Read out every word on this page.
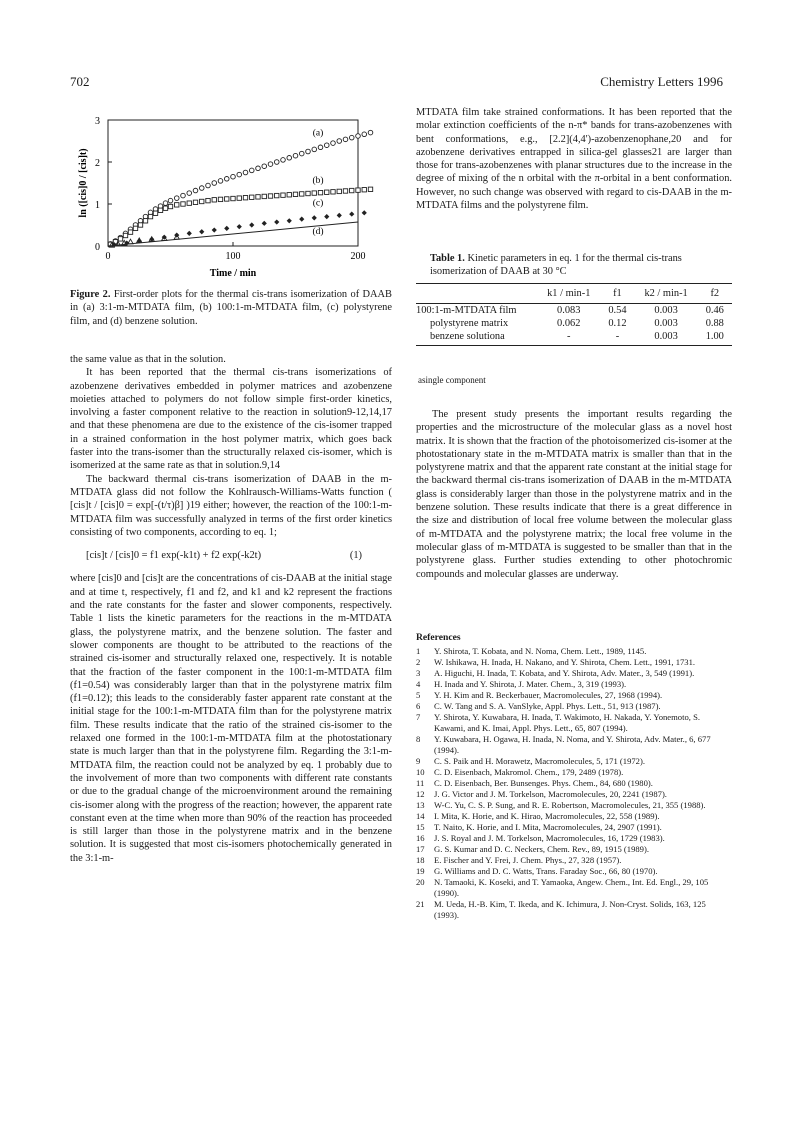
702	Chemistry Letters 1996
0
1
2
3
0	100	200
Time / min
ln ([cis]0 / [cis]t)
(a)
(b)
(c)
(d)
Figure 2. First-order plots for the thermal cis-trans isomerization of DAAB in (a) 3:1-m-MTDATA film, (b) 100:1-m-MTDATA film, (c) polystyrene film, and (d) benzene solution.

the same value as that in the solution.

It has been reported that the thermal cis-trans isomerizations of azobenzene derivatives embedded in polymer matrices and azobenzene moieties attached to polymers do not follow simple first-order kinetics, involving a faster component relative to the reaction in solution9-12,14,17 and that these phenomena are due to the existence of the cis-isomer trapped in a strained conformation in the host polymer matrix, which goes back faster into the trans-isomer than the structurally relaxed cis-isomer, which is isomerized at the same rate as that in solution.9,14

The backward thermal cis-trans isomerization of DAAB in the m-MTDATA glass did not follow the Kohlrausch-Williams-Watts function ( [cis]t / [cis]0 = exp[-(t/τ)β] )19 either; however, the reaction of the 100:1-m-MTDATA film was successfully analyzed in terms of the first order kinetics consisting of two components, according to eq. 1;

[cis]t / [cis]0 = f1 exp(-k1t) + f2 exp(-k2t)	(1)

where [cis]0 and [cis]t are the concentrations of cis-DAAB at the initial stage and at time t, respectively, f1 and f2, and k1 and k2 represent the fractions and the rate constants for the faster and slower components, respectively. Table 1 lists the kinetic parameters for the reactions in the m-MTDATA glass, the polystyrene matrix, and the benzene solution. The faster and slower components are thought to be attributed to the reactions of the strained cis-isomer and structurally relaxed one, respectively. It is notable that the fraction of the faster component in the 100:1-m-MTDATA film (f1=0.54) was considerably larger than that in the polystyrene matrix film (f1=0.12); this leads to the considerably faster apparent rate constant at the initial stage for the 100:1-m-MTDATA film than for the polystyrene matrix film. These results indicate that the ratio of the strained cis-isomer to the relaxed one formed in the 100:1-m-MTDATA film at the photostationary state is much larger than that in the polystyrene film. Regarding the 3:1-m-MTDATA film, the reaction could not be analyzed by eq. 1 probably due to the involvement of more than two components with different rate constants or due to the gradual change of the microenvironment around the remaining cis-isomer along with the progress of the reaction; however, the apparent rate constant even at the time when more than 90% of the reaction has proceeded is still larger than those in the polystyrene matrix and in the benzene solution. It is suggested that most cis-isomers photochemically generated in the 3:1-m-

MTDATA film take strained conformations. It has been reported that the molar extinction coefficients of the n-π* bands for trans-azobenzenes with bent conformations, e.g., [2.2](4,4')-azobenzenophane,20 and for azobenzene derivatives entrapped in silica-gel glasses21 are larger than those for trans-azobenzenes with planar structures due to the increase in the degree of mixing of the n orbital with the π-orbital in a bent conformation. However, no such change was observed with regard to cis-DAAB in the m-MTDATA films and the polystyrene film.

Table 1. Kinetic parameters in eq. 1 for the thermal cis-trans isomerization of DAAB at 30 °C
	k1 / min-1	f1	k2 / min-1	f2
100:1-m-MTDATA film	0.083	0.54	0.003	0.46
polystyrene matrix	0.062	0.12	0.003	0.88
benzene solutiona	-	-	0.003	1.00
asingle component

The present study presents the important results regarding the properties and the microstructure of the molecular glass as a novel host matrix. It is shown that the fraction of the photoisomerized cis-isomer at the photostationary state in the m-MTDATA matrix is smaller than that in the polystyrene matrix and that the apparent rate constant at the initial stage for the backward thermal cis-trans isomerization of DAAB in the m-MTDATA glass is considerably larger than those in the polystyrene matrix and in the benzene solution. These results indicate that there is a great difference in the size and distribution of local free volume between the molecular glass of m-MTDATA and the polystyrene matrix; the local free volume in the molecular glass of m-MTDATA is suggested to be smaller than that in the polystyrene glass. Further studies extending to other photochromic compounds and molecular glasses are underway.

References
1	Y. Shirota, T. Kobata, and N. Noma, Chem. Lett., 1989, 1145.
2	W. Ishikawa, H. Inada, H. Nakano, and Y. Shirota, Chem. Lett., 1991, 1731.
3	A. Higuchi, H. Inada, T. Kobata, and Y. Shirota, Adv. Mater., 3, 549 (1991).
4	H. Inada and Y. Shirota, J. Mater. Chem., 3, 319 (1993).
5	Y. H. Kim and R. Beckerbauer, Macromolecules, 27, 1968 (1994).
6	C. W. Tang and S. A. VanSlyke, Appl. Phys. Lett., 51, 913 (1987).
7	Y. Shirota, Y. Kuwabara, H. Inada, T. Wakimoto, H. Nakada, Y. Yonemoto, S. Kawami, and K. Imai, Appl. Phys. Lett., 65, 807 (1994).
8	Y. Kuwabara, H. Ogawa, H. Inada, N. Noma, and Y. Shirota, Adv. Mater., 6, 677 (1994).
9	C. S. Paik and H. Morawetz, Macromolecules, 5, 171 (1972).
10	C. D. Eisenbach, Makromol. Chem., 179, 2489 (1978).
11	C. D. Eisenbach, Ber. Bunsenges. Phys. Chem., 84, 680 (1980).
12	J. G. Victor and J. M. Torkelson, Macromolecules, 20, 2241 (1987).
13	W-C. Yu, C. S. P. Sung, and R. E. Robertson, Macromolecules, 21, 355 (1988).
14	I. Mita, K. Horie, and K. Hirao, Macromolecules, 22, 558 (1989).
15	T. Naito, K. Horie, and I. Mita, Macromolecules, 24, 2907 (1991).
16	J. S. Royal and J. M. Torkelson, Macromolecules, 16, 1729 (1983).
17	G. S. Kumar and D. C. Neckers, Chem. Rev., 89, 1915 (1989).
18	E. Fischer and Y. Frei, J. Chem. Phys., 27, 328 (1957).
19	G. Williams and D. C. Watts, Trans. Faraday Soc., 66, 80 (1970).
20	N. Tamaoki, K. Koseki, and T. Yamaoka, Angew. Chem., Int. Ed. Engl., 29, 105 (1990).
21	M. Ueda, H.-B. Kim, T. Ikeda, and K. Ichimura, J. Non-Cryst. Solids, 163, 125 (1993).
